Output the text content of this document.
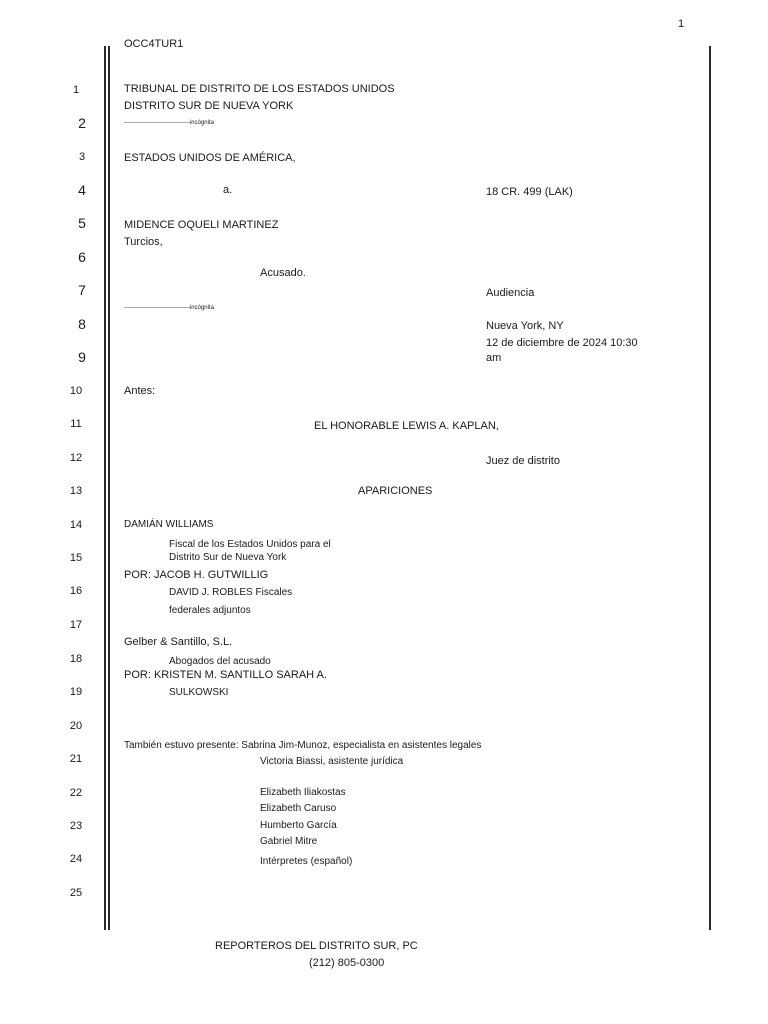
1
OCC4TUR1
1
2
3
4
5
6
7
8
9
10
11
12
13
14
15
16
17
18
19
20
21
22
23
24
25
TRIBUNAL DE DISTRITO DE LOS ESTADOS UNIDOS
DISTRITO SUR DE NUEVA YORK
---------------------------------incógnita
ESTADOS UNIDOS DE AMÉRICA,
a.	18 CR. 499 (LAK)
MIDENCE OQUELI MARTINEZ
Turcios,
Acusado.
Audiencia
---------------------------------incógnita
Nueva York, NY
12 de diciembre de 2024 10:30
am
Antes:
EL HONORABLE LEWIS A. KAPLAN,
Juez de distrito
APARICIONES
DAMIÁN WILLIAMS
Fiscal de los Estados Unidos para el
Distrito Sur de Nueva York
POR: JACOB H. GUTWILLIG
DAVID J. ROBLES Fiscales
federales adjuntos
Gelber & Santillo, S.L.
Abogados del acusado
POR: KRISTEN M. SANTILLO SARAH A.
SULKOWSKI
También estuvo presente: Sabrina Jim-Munoz, especialista en asistentes legales
Victoria Biassi, asistente jurídica
Elizabeth Iliakostas
Elizabeth Caruso
Humberto García
Gabriel Mitre
Intérpretes (español)
REPORTEROS DEL DISTRITO SUR, PC
(212) 805-0300
